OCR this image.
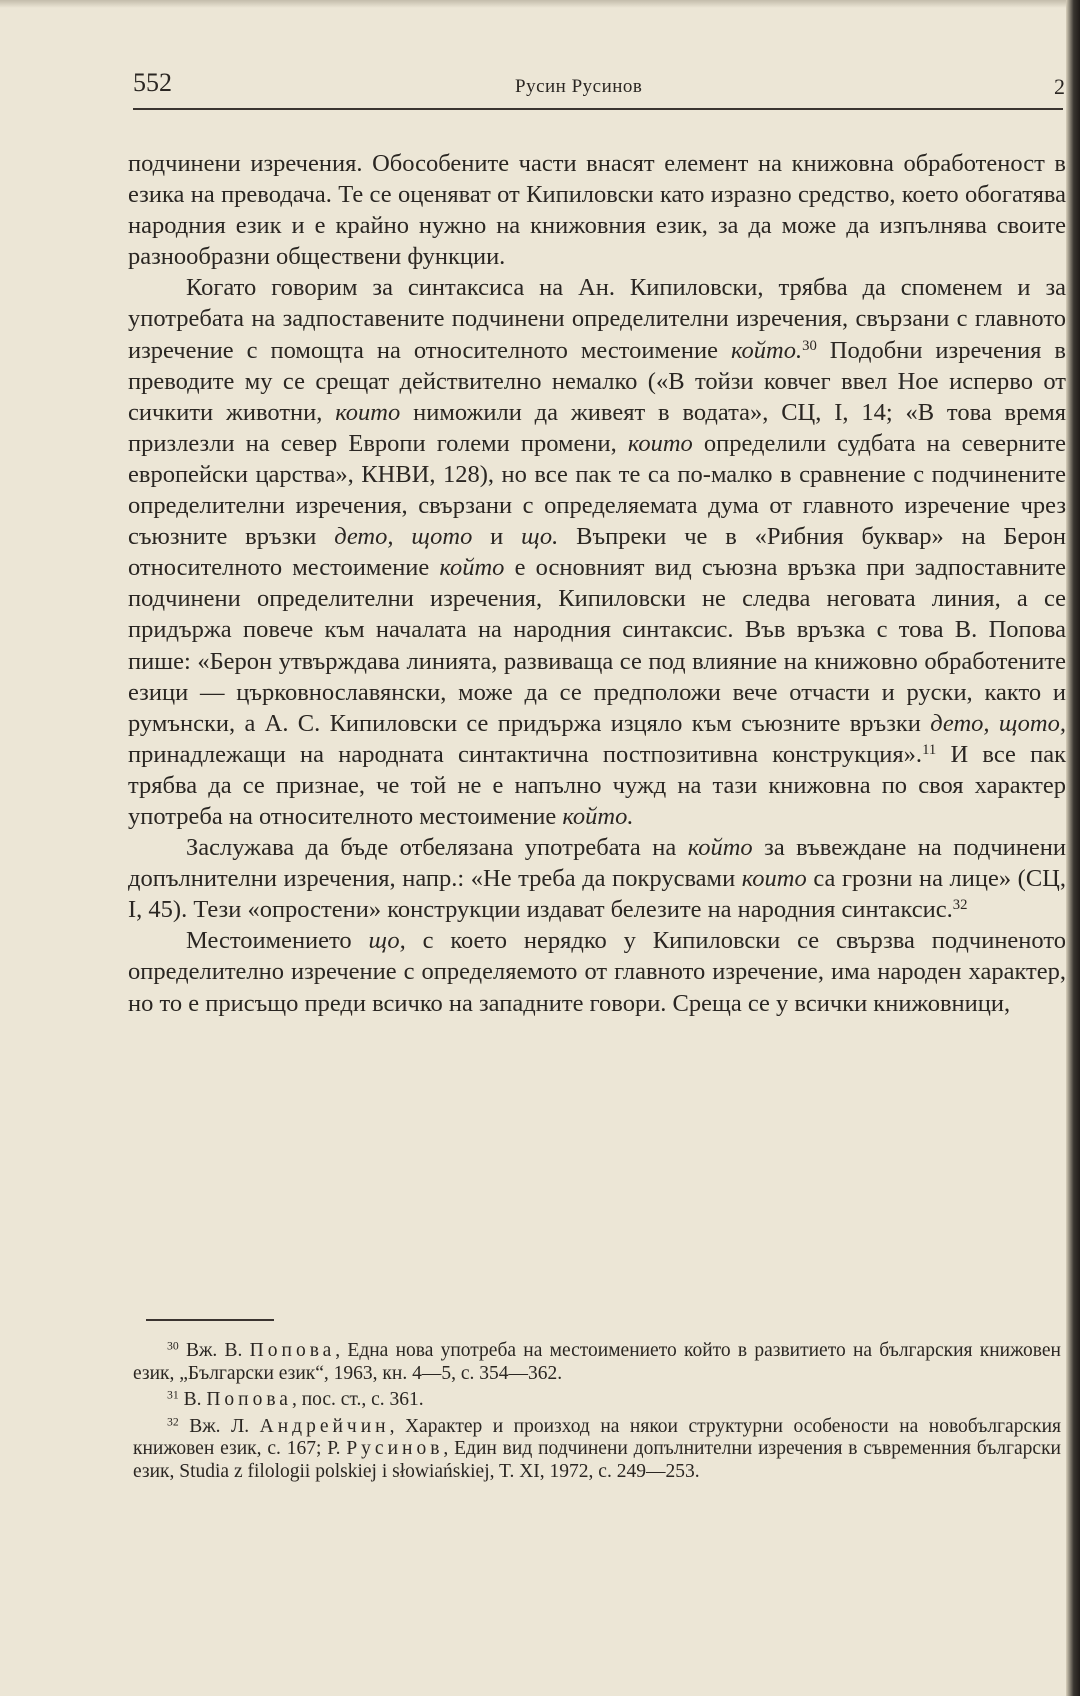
552	Русин Русинов	2

подчинени изречения. Обособените части внасят елемент на книжовна обработеност в езика на преводача. Те се оценяват от Кипиловски като изразно средство, което обогатява народния език и е крайно нужно на книжовния език, за да може да изпълнява своите разнообразни обществени функции.

Когато говорим за синтаксиса на Ан. Кипиловски, трябва да споменем и за употребата на задпоставените подчинени определителни изречения, свързани с главното изречение с помощта на относителното местоимение който.$^{30}$ Подобни изречения в преводите му се срещат действително немалко («В тойзи ковчег ввел Ное исперво от сичкити животни, които ниможили да живеят в водата», СЦ, I, 14; «В това время призлезли на север Европи големи промени, които определили судбата на северните европейски царства», КНВИ, 128), но все пак те са по-малко в сравнение с подчинените определителни изречения, свързани с определяемата дума от главното изречение чрез съюзните връзки дето, щото и що. Въпреки че в «Рибния буквар» на Берон относителното местоимение който е основният вид съюзна връзка при задпоставните подчинени определителни изречения, Кипиловски не следва неговата линия, а се придържа повече към началата на народния синтаксис. Във връзка с това В. Попова пише: «Берон утвърждава линията, развиваща се под влияние на книжовно обработените езици — църковнославянски, може да се предположи вече отчасти и руски, както и румънски, а А. С. Кипиловски се придържа изцяло към съюзните връзки дето, щото, принадлежащи на народната синтактична постпозитивна конструкция».$^{11}$ И все пак трябва да се признае, че той не е напълно чужд на тази книжовна по своя характер употреба на относителното местоимение който.

Заслужава да бъде отбелязана употребата на който за въвеждане на подчинени допълнителни изречения, напр.: «Не треба да покрусвами които са грозни на лице» (СЦ, I, 45). Тези «опростени» конструкции издават белезите на народния синтаксис.$^{32}$

Местоимението що, с което нерядко у Кипиловски се свързва подчиненото определително изречение с определяемото от главното изречение, има народен характер, но то е присъщо преди всичко на западните говори. Среща се у всички книжовници,

$^{30}$ Вж. В. Попова, Една нова употреба на местоимението който в развитието на българския книжовен език, „Български език“, 1963, кн. 4—5, с. 354—362.

$^{31}$ В. Попова, пос. ст., с. 361.

$^{32}$ Вж. Л. Андрейчин, Характер и произход на някои структурни особености на новобългарския книжовен език, с. 167; Р. Русинов, Един вид подчинени допълнителни изречения в съвременния български език, Studia z filologii polskiej i słowiańskiej, T. XI, 1972, с. 249—253.
